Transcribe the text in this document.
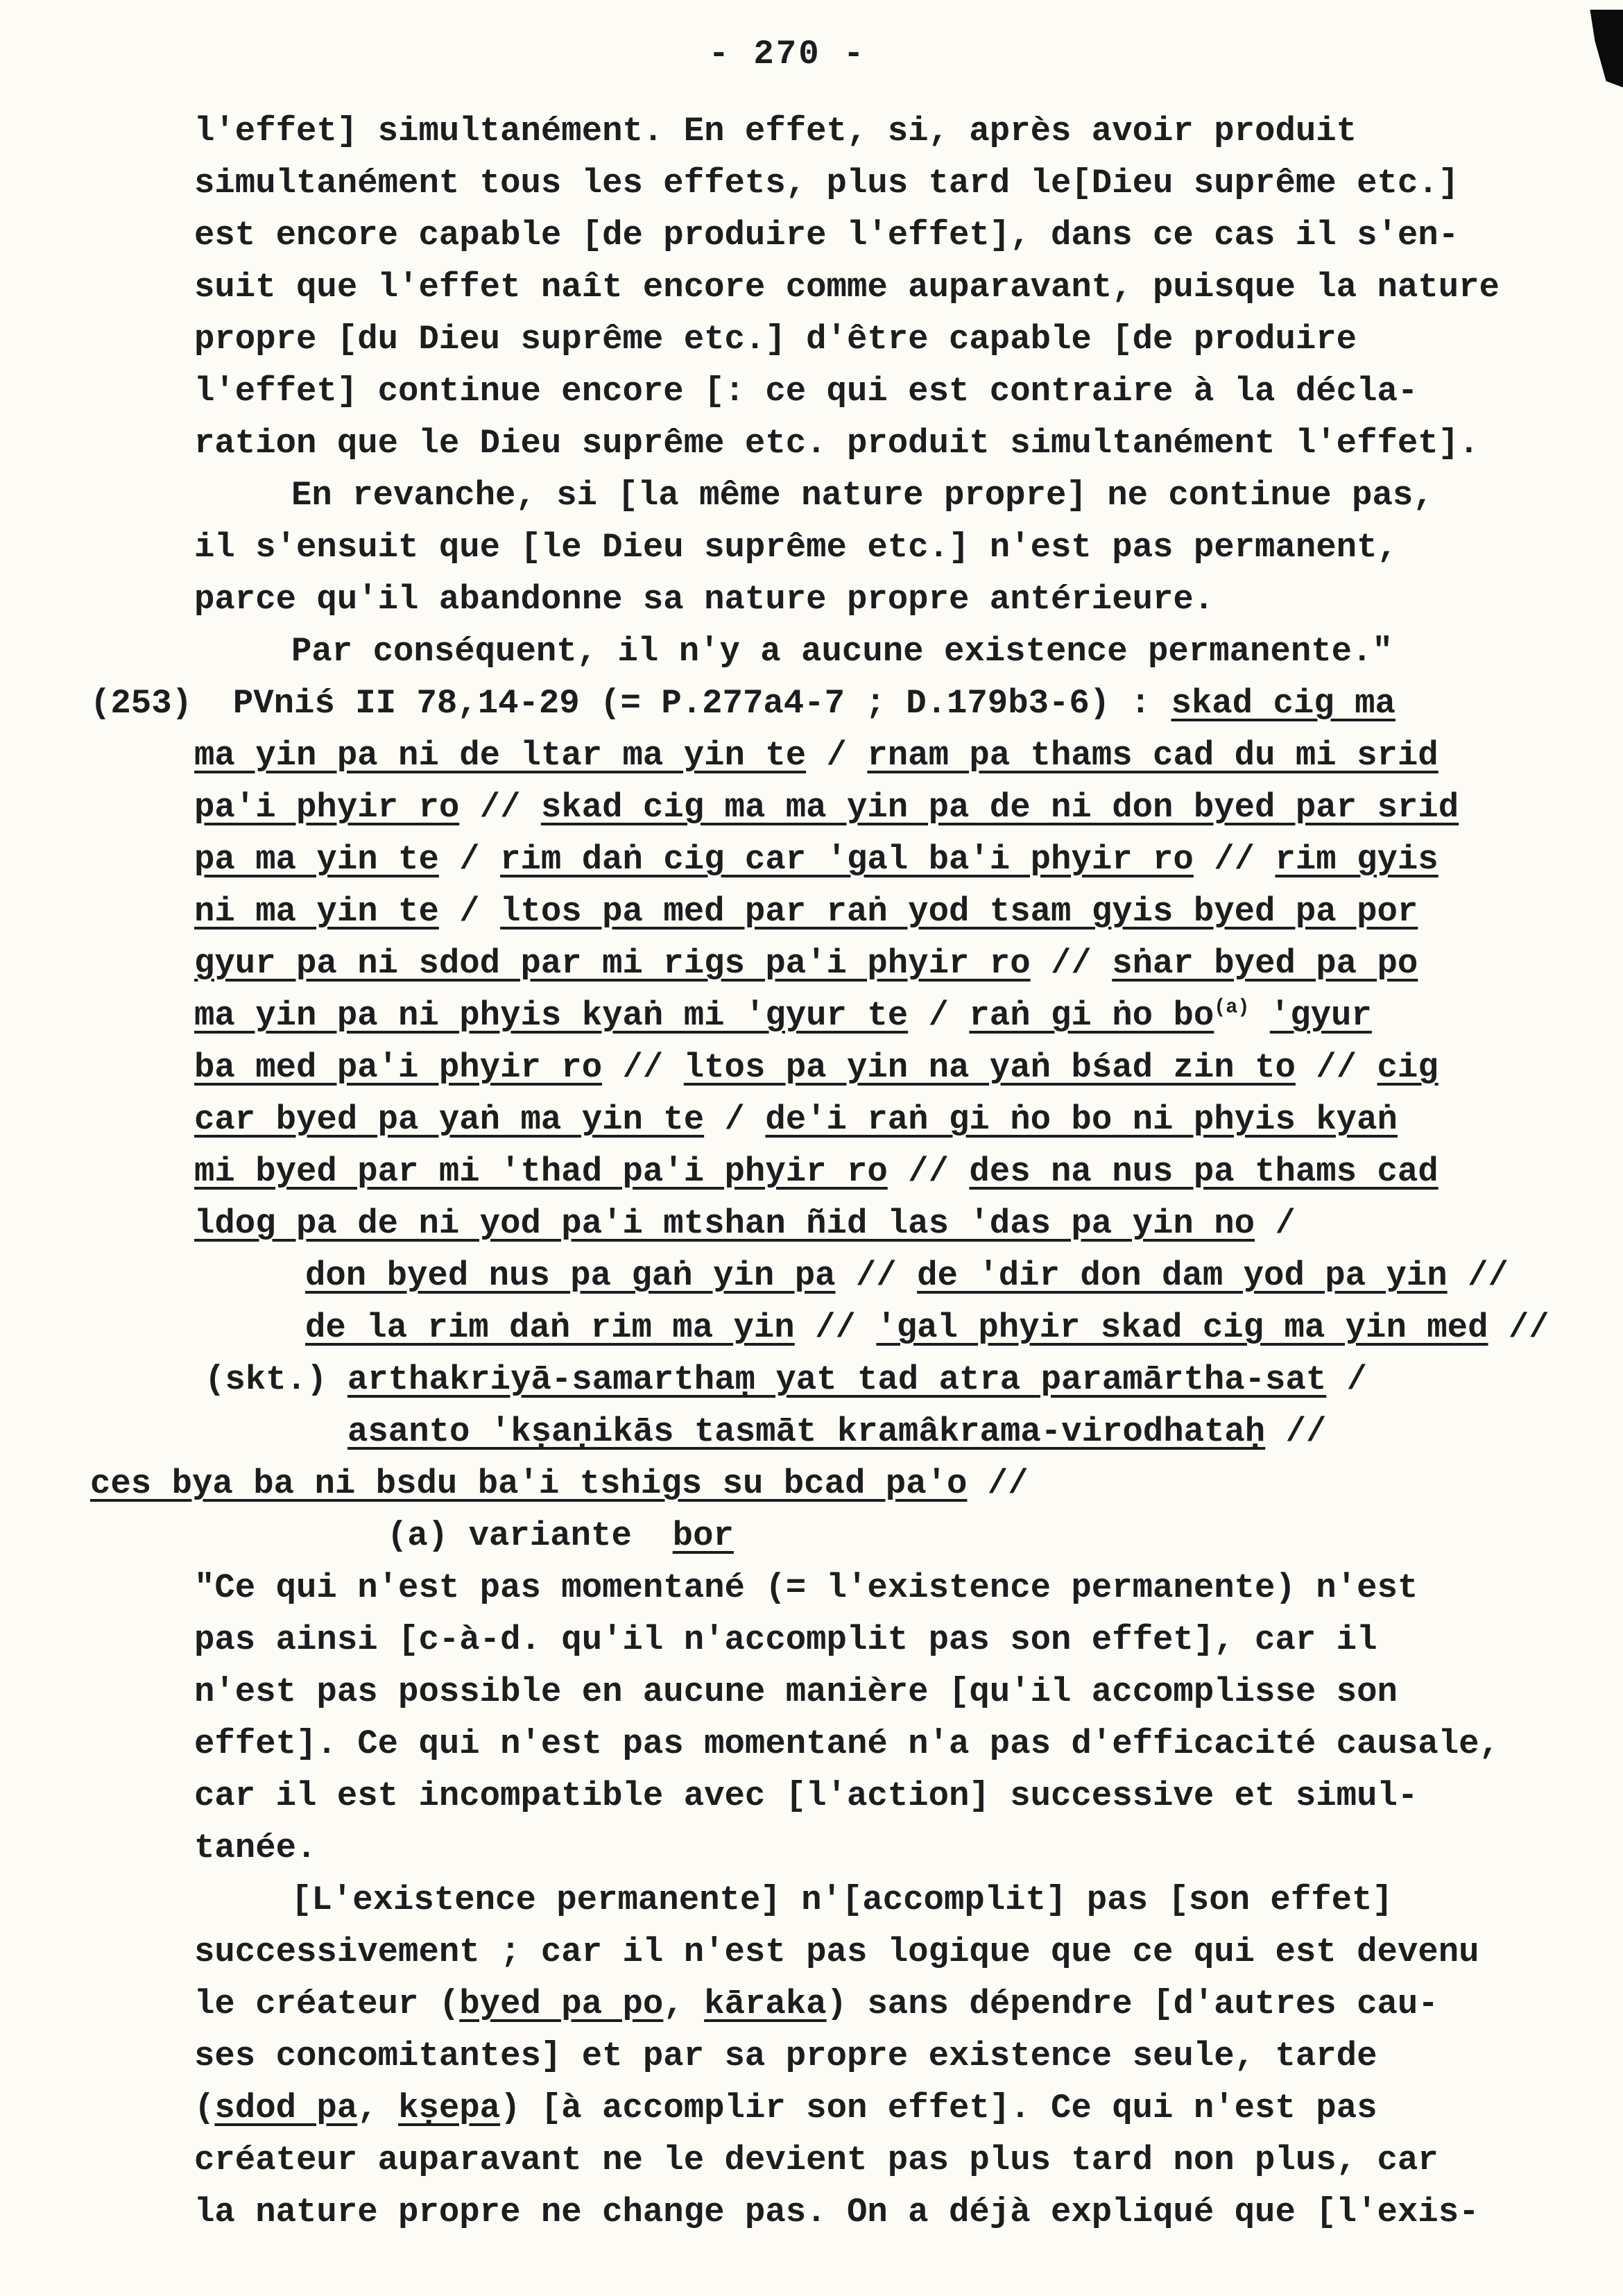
- 270 -
l'effet] simultanément. En effet, si, après avoir produit
simultanément tous les effets, plus tard le[Dieu suprême etc.]
est encore capable [de produire l'effet], dans ce cas il s'en-
suit que l'effet naît encore comme auparavant, puisque la nature
propre [du Dieu suprême etc.] d'être capable [de produire
l'effet] continue encore [: ce qui est contraire à la décla-
ration que le Dieu suprême etc. produit simultanément l'effet].
En revanche, si [la même nature propre] ne continue pas,
il s'ensuit que [le Dieu suprême etc.] n'est pas permanent,
parce qu'il abandonne sa nature propre antérieure.
Par conséquent, il n'y a aucune existence permanente."
(253)  PVniś II 78,14-29 (= P.277a4-7 ; D.179b3-6) : skad cig ma
ma yin pa ni de ltar ma yin te / rnam pa thams cad du mi srid
pa'i phyir ro // skad cig ma ma yin pa de ni don byed par srid
pa ma yin te / rim daṅ cig car 'gal ba'i phyir ro // rim gyis
ni ma yin te / ltos pa med par raṅ yod tsam gyis byed pa por
gyur pa ni sdod par mi rigs pa'i phyir ro // sṅar byed pa po
ma yin pa ni phyis kyaṅ mi 'gyur te / raṅ gi ṅo $bo^{(a)}$ 'gyur
ba med pa'i phyir ro // ltos pa yin na yaṅ bśad zin to // cig
car byed pa yaṅ ma yin te / de'i raṅ gi ṅo bo ni phyis kyaṅ
mi byed par mi 'thad pa'i phyir ro // des na nus pa thams cad
ldog pa de ni yod pa'i mtshan ñid las 'das pa yin no /
don byed nus pa gaṅ yin pa // de 'dir don dam yod pa yin //
de la rim daṅ rim ma yin // 'gal phyir skad cig ma yin med //
(skt.) arthakriyā-samarthaṃ yat tad atra paramārtha-sat /
asanto 'kṣaṇikās tasmāt kramâkrama-virodhataḥ //
ces bya ba ni bsdu ba'i tshigs su bcad pa'o //
(a) variante  bor
"Ce qui n'est pas momentané (= l'existence permanente) n'est
pas ainsi [c-à-d. qu'il n'accomplit pas son effet], car il
n'est pas possible en aucune manière [qu'il accomplisse son
effet]. Ce qui n'est pas momentané n'a pas d'efficacité causale,
car il est incompatible avec [l'action] successive et simul-
tanée.
[L'existence permanente] n'[accomplit] pas [son effet]
successivement ; car il n'est pas logique que ce qui est devenu
le créateur (byed pa po, kāraka) sans dépendre [d'autres cau-
ses concomitantes] et par sa propre existence seule, tarde
(sdod pa, kṣepa) [à accomplir son effet]. Ce qui n'est pas
créateur auparavant ne le devient pas plus tard non plus, car
la nature propre ne change pas. On a déjà expliqué que [l'exis-
